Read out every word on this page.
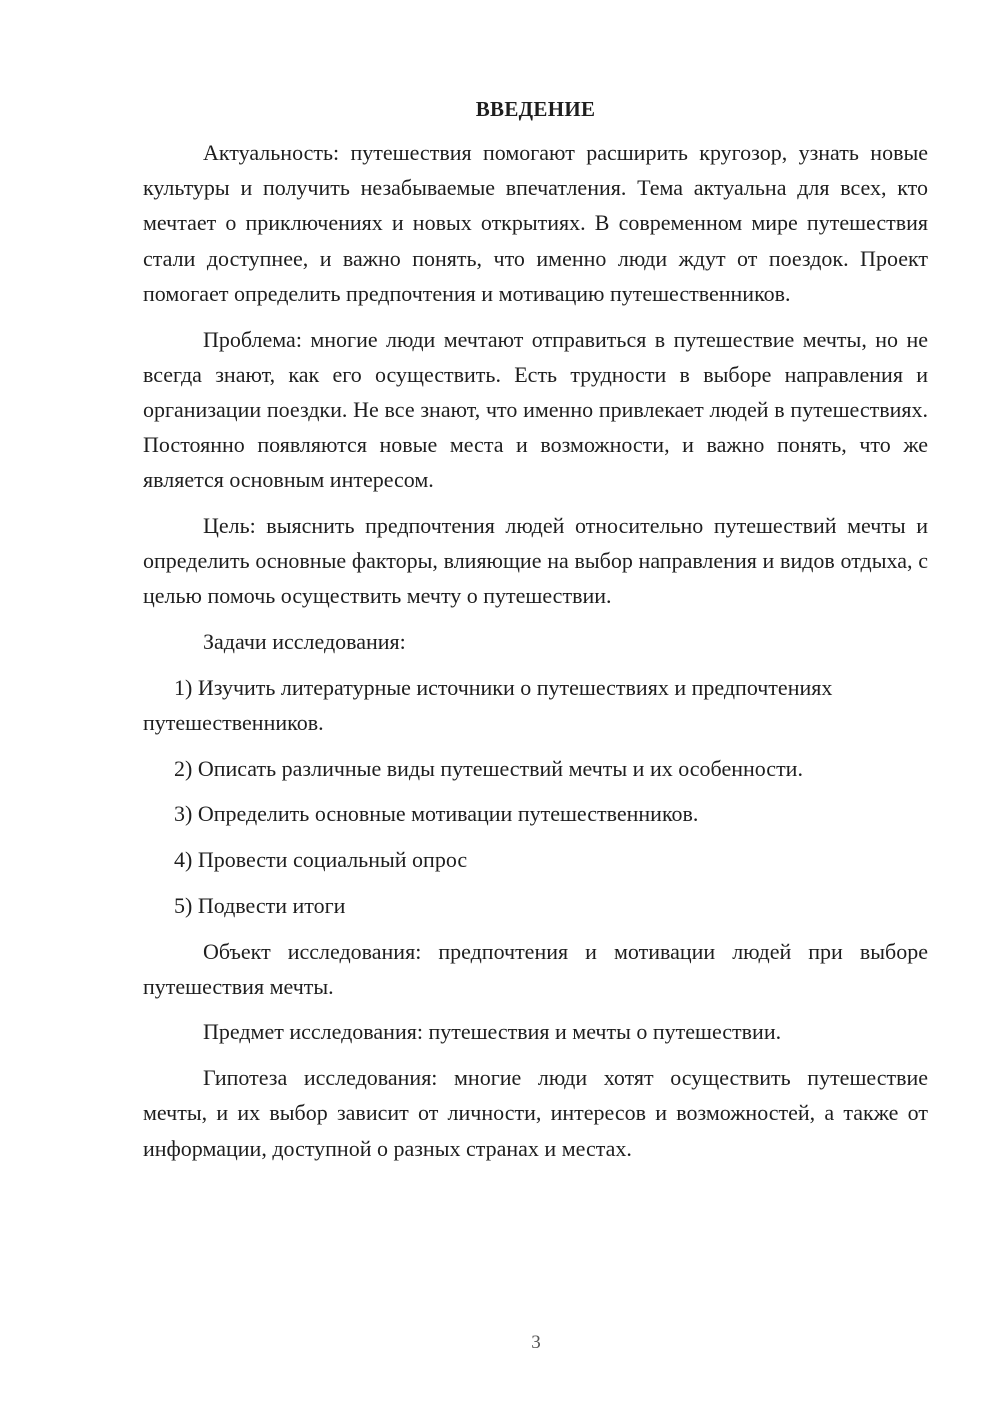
ВВЕДЕНИЕ

Актуальность: путешествия помогают расширить кругозор, узнать новые культуры и получить незабываемые впечатления. Тема актуальна для всех, кто мечтает о приключениях и новых открытиях. В современном мире путешествия стали доступнее, и важно понять, что именно люди ждут от поездок. Проект помогает определить предпочтения и мотивацию путешественников.

Проблема: многие люди мечтают отправиться в путешествие мечты, но не всегда знают, как его осуществить. Есть трудности в выборе направления и организации поездки. Не все знают, что именно привлекает людей в путешествиях. Постоянно появляются новые места и возможности, и важно понять, что же является основным интересом.

Цель: выяснить предпочтения людей относительно путешествий мечты и определить основные факторы, влияющие на выбор направления и видов отдыха, с целью помочь осуществить мечту о путешествии.

Задачи исследования:

1) Изучить литературные источники о путешествиях и предпочтениях путешественников.

2) Описать различные виды путешествий мечты и их особенности.

3) Определить основные мотивации путешественников.

4) Провести социальный опрос

5) Подвести итоги

Объект исследования: предпочтения и мотивации людей при выборе путешествия мечты.

Предмет исследования: путешествия и мечты о путешествии.

Гипотеза исследования: многие люди хотят осуществить путешествие мечты, и их выбор зависит от личности, интересов и возможностей, а также от информации, доступной о разных странах и местах.

3
